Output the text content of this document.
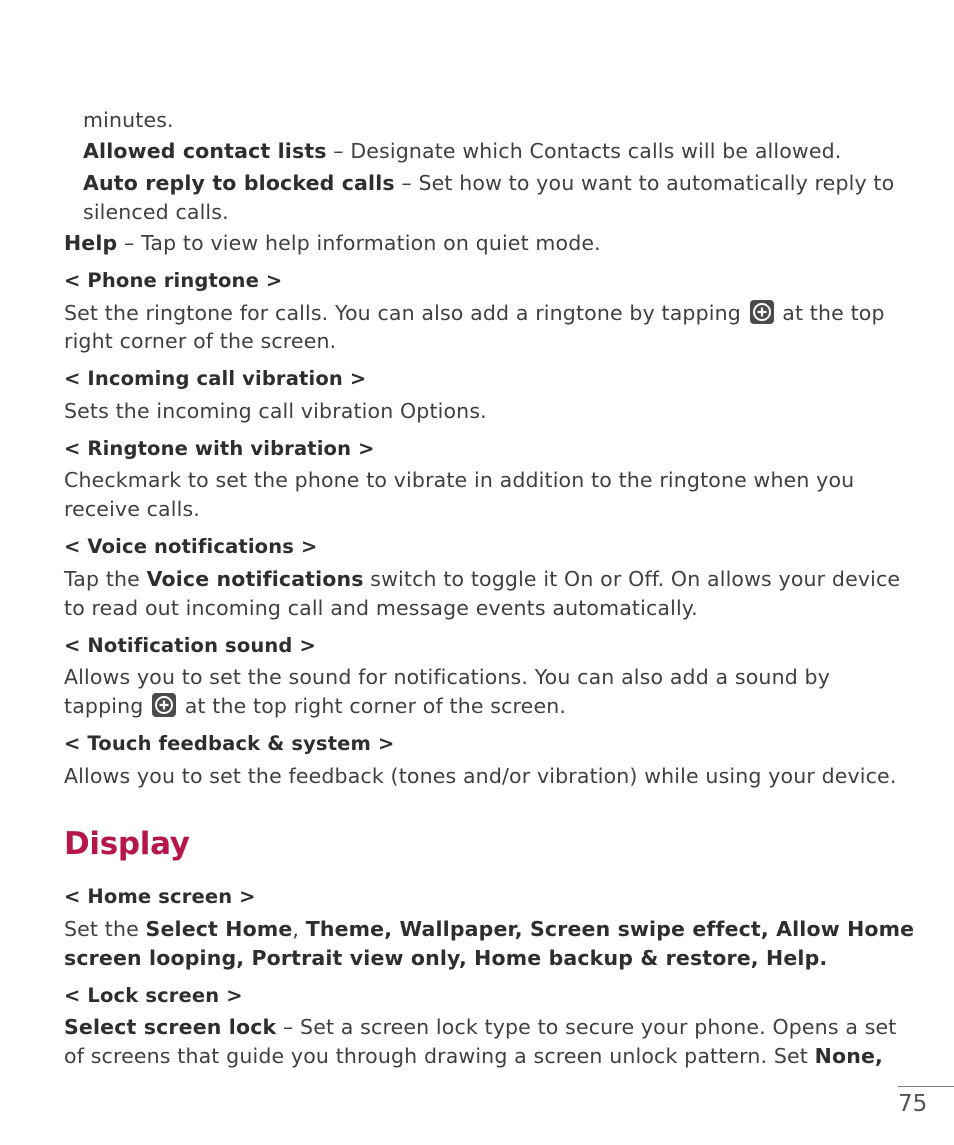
minutes.
Allowed contact lists – Designate which Contacts calls will be allowed.
Auto reply to blocked calls – Set how to you want to automatically reply to
silenced calls.
Help – Tap to view help information on quiet mode.
< Phone ringtone >
Set the ringtone for calls. You can also add a ringtone by tapping  at the top
right corner of the screen.
< Incoming call vibration >
Sets the incoming call vibration Options.
< Ringtone with vibration >
Checkmark to set the phone to vibrate in addition to the ringtone when you
receive calls.
< Voice notifications >
Tap the Voice notifications switch to toggle it On or Off. On allows your device
to read out incoming call and message events automatically.
< Notification sound >
Allows you to set the sound for notifications. You can also add a sound by
tapping  at the top right corner of the screen.
< Touch feedback & system >
Allows you to set the feedback (tones and/or vibration) while using your device.
Display
< Home screen >
Set the Select Home, Theme, Wallpaper, Screen swipe effect, Allow Home
screen looping, Portrait view only, Home backup & restore, Help.
< Lock screen >
Select screen lock – Set a screen lock type to secure your phone. Opens a set
of screens that guide you through drawing a screen unlock pattern. Set None,
75
